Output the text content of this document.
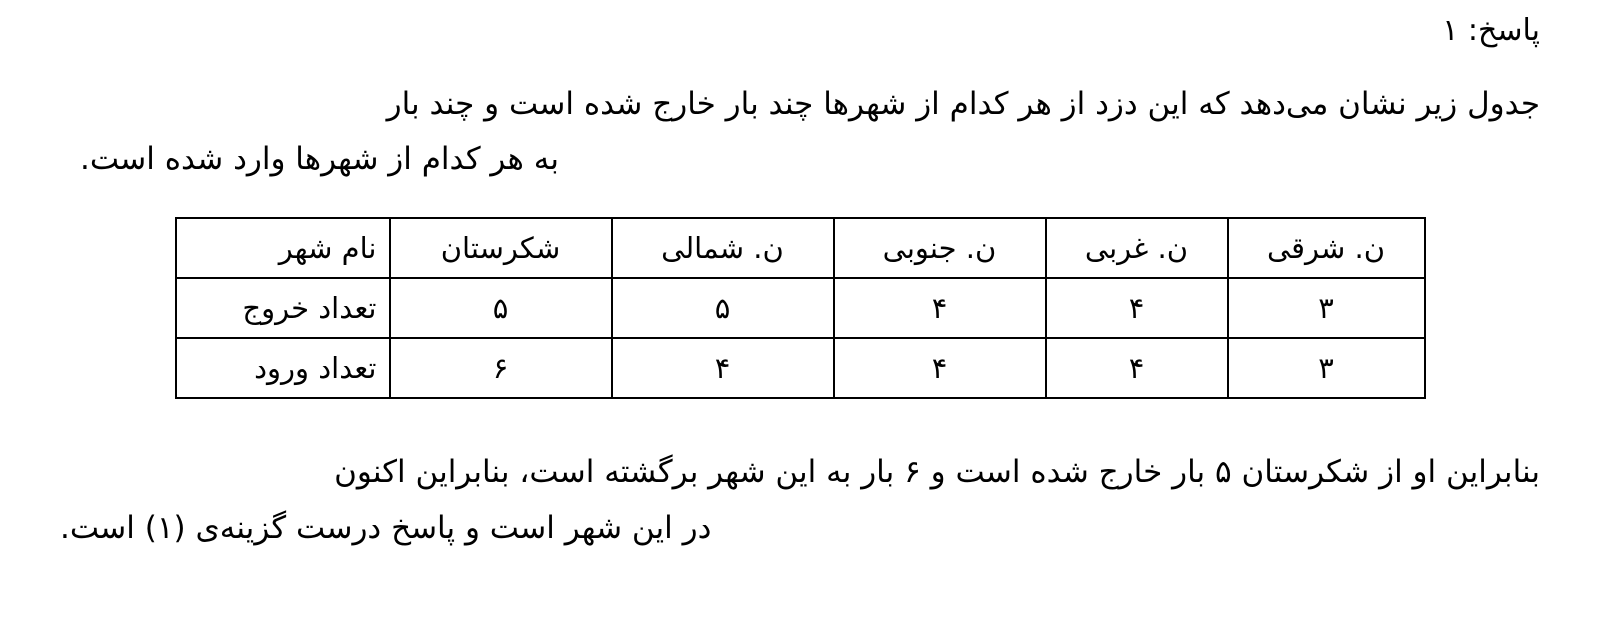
پاسخ: ۱
جدول زیر نشان می‌دهد که این دزد از هر کدام از شهرها چند بار خارج شده است و چند بار
به هر کدام از شهرها وارد شده است.
ن. شرقی	ن. غربی	ن. جنوبی	ن. شمالی	شکرستان	نام شهر
۳	۴	۴	۵	۵	تعداد خروج
۳	۴	۴	۴	۶	تعداد ورود
بنابراین او از شکرستان ۵ بار خارج شده است و ۶ بار به این شهر برگشته است، بنابراین اکنون
در این شهر است و پاسخ درست گزینه‌ی (۱) است.
